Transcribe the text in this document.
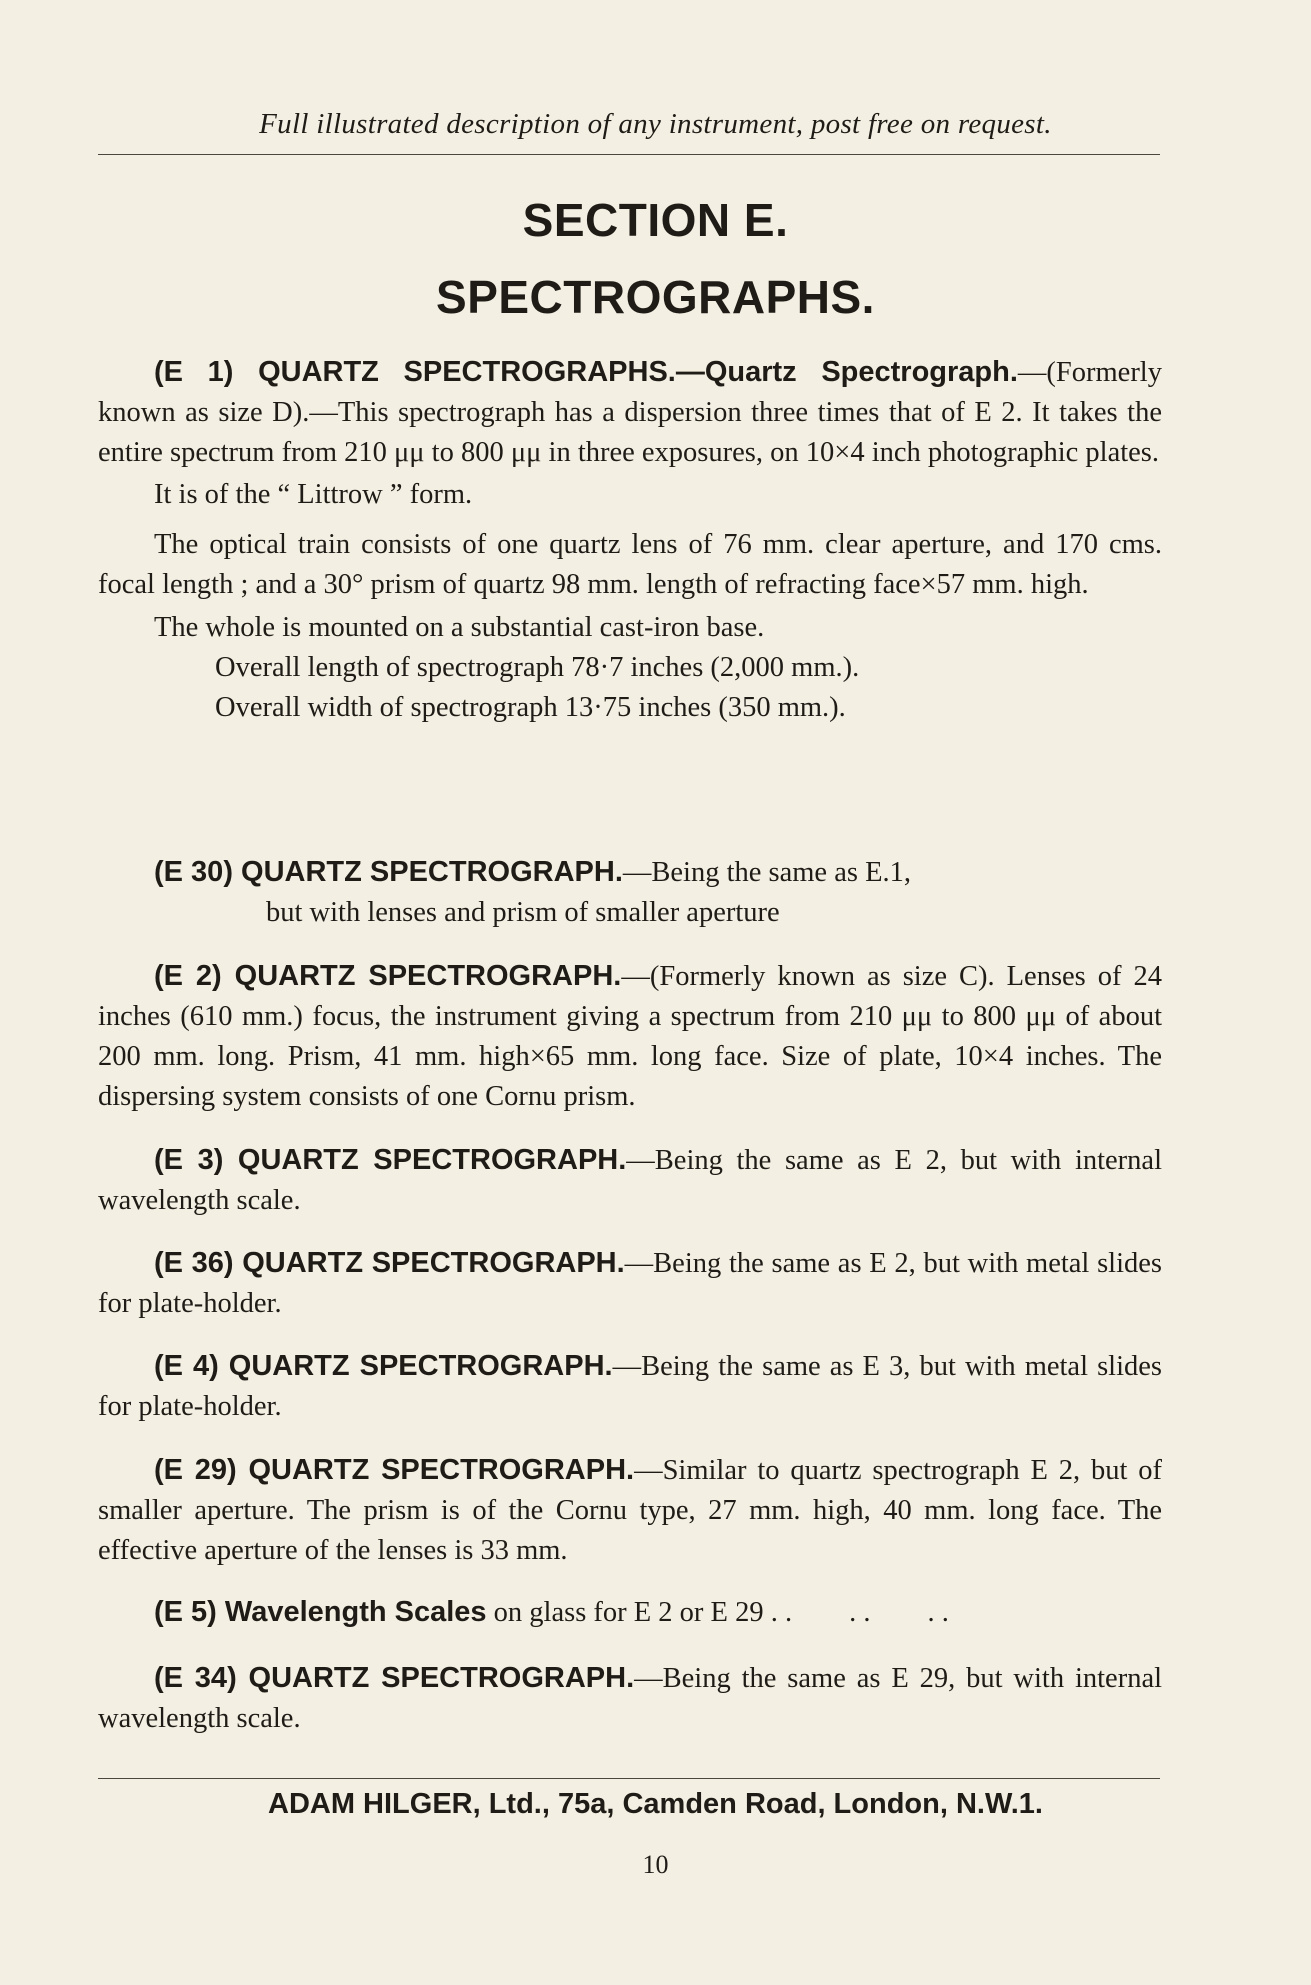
Full illustrated description of any instrument, post free on request.
SECTION E.
SPECTROGRAPHS.

(E 1) QUARTZ SPECTROGRAPHS.—Quartz Spectrograph.—(Formerly known as size D).—This spectrograph has a dispersion three times that of E 2. It takes the entire spectrum from 210 μμ to 800 μμ in three exposures, on 10×4 inch photographic plates.

It is of the “ Littrow ” form.

The optical train consists of one quartz lens of 76 mm. clear aperture, and 170 cms. focal length ; and a 30° prism of quartz 98 mm. length of refracting face×57 mm. high.

The whole is mounted on a substantial cast-iron base.

Overall length of spectrograph 78·7 inches (2,000 mm.).

Overall width of spectrograph 13·75 inches (350 mm.).

(E 30) QUARTZ SPECTROGRAPH.—Being the same as E.1,

but with lenses and prism of smaller aperture

(E 2) QUARTZ SPECTROGRAPH.—(Formerly known as size C). Lenses of 24 inches (610 mm.) focus, the instrument giving a spectrum from 210 μμ to 800 μμ of about 200 mm. long. Prism, 41 mm. high×65 mm. long face. Size of plate, 10×4 inches. The dispersing system consists of one Cornu prism.

(E 3) QUARTZ SPECTROGRAPH.—Being the same as E 2, but with internal wavelength scale.

(E 36) QUARTZ SPECTROGRAPH.—Being the same as E 2, but with metal slides for plate-holder.

(E 4) QUARTZ SPECTROGRAPH.—Being the same as E 3, but with metal slides for plate-holder.

(E 29) QUARTZ SPECTROGRAPH.—Similar to quartz spectrograph E 2, but of smaller aperture. The prism is of the Cornu type, 27 mm. high, 40 mm. long face. The effective aperture of the lenses is 33 mm.

(E 5) Wavelength Scales on glass for E 2 or E 29 . .        . .        . .

(E 34) QUARTZ SPECTROGRAPH.—Being the same as E 29, but with internal wavelength scale.

ADAM HILGER, Ltd., 75a, Camden Road, London, N.W.1.
10
